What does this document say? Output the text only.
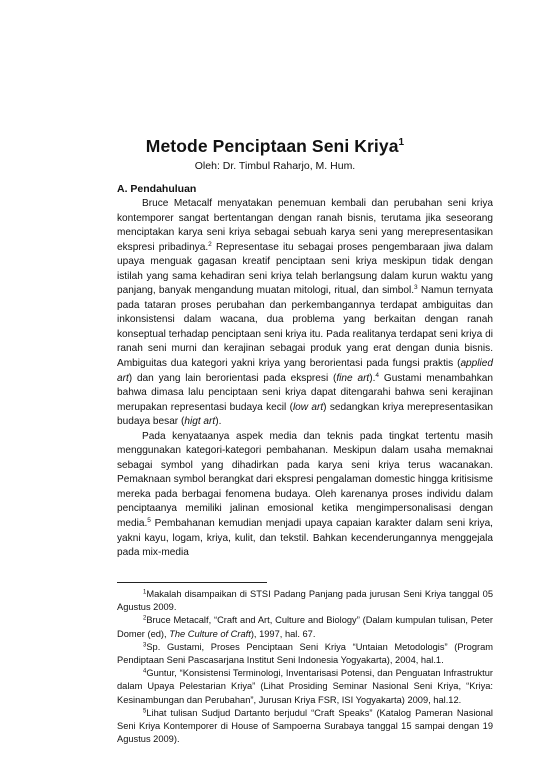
Metode Penciptaan Seni Kriya$^1$
Oleh: Dr. Timbul Raharjo, M. Hum.
A. Pendahuluan

Bruce Metacalf menyatakan penemuan kembali dan perubahan seni kriya kontemporer sangat bertentangan dengan ranah bisnis, terutama jika seseorang menciptakan karya seni kriya sebagai sebuah karya seni yang merepresentasikan ekspresi pribadinya.$^2$ Representase itu sebagai proses pengembaraan jiwa dalam upaya menguak gagasan kreatif penciptaan seni kriya meskipun tidak dengan istilah yang sama kehadiran seni kriya telah berlangsung dalam kurun waktu yang panjang, banyak mengandung muatan mitologi, ritual, dan simbol.$^3$ Namun ternyata pada tataran proses perubahan dan perkembangannya terdapat ambiguitas dan inkonsistensi dalam wacana, dua problema yang berkaitan dengan ranah konseptual terhadap penciptaan seni kriya itu. Pada realitanya terdapat seni kriya di ranah seni murni dan kerajinan sebagai produk yang erat dengan dunia bisnis. Ambiguitas dua kategori yakni kriya yang berorientasi pada fungsi praktis (applied art) dan yang lain berorientasi pada ekspresi (fine art).$^4$ Gustami menambahkan bahwa dimasa lalu penciptaan seni kriya dapat ditengarahi bahwa seni kerajinan merupakan representasi budaya kecil (low art) sedangkan kriya merepresentasikan budaya besar (higt art).

Pada kenyataanya aspek media dan teknis pada tingkat tertentu masih menggunakan kategori-kategori pembahanan. Meskipun dalam usaha memaknai sebagai symbol yang dihadirkan pada karya seni kriya terus wacanakan. Pemaknaan symbol berangkat dari ekspresi pengalaman domestic hingga kritisisme mereka pada berbagai fenomena budaya. Oleh karenanya proses individu dalam penciptaanya memiliki jalinan emosional ketika mengimpersonalisasi dengan media.$^5$ Pembahanan kemudian menjadi upaya capaian karakter dalam seni kriya, yakni kayu, logam, kriya, kulit, dan tekstil. Bahkan kecenderungannya menggejala pada mix-media

$^1$Makalah disampaikan di STSI Padang Panjang pada jurusan Seni Kriya tanggal 05 Agustus 2009.

$^2$Bruce Metacalf, “Craft and Art, Culture and Biology” (Dalam kumpulan tulisan, Peter Domer (ed), The Culture of Craft), 1997, hal. 67.

$^3$Sp. Gustami, Proses Penciptaan Seni Kriya “Untaian Metodologis” (Program Pendiptaan Seni Pascasarjana Institut Seni Indonesia Yogyakarta), 2004, hal.1.

$^4$Guntur, “Konsistensi Terminologi, Inventarisasi Potensi, dan Penguatan Infrastruktur dalam Upaya Pelestarian Kriya” (Lihat Prosiding Seminar Nasional Seni Kriya, “Kriya: Kesinambungan dan Perubahan”, Jurusan Kriya FSR, ISI Yogyakarta) 2009, hal.12.

$^5$Lihat tulisan Sudjud Dartanto berjudul “Craft Speaks” (Katalog Pameran Nasional Seni Kriya Kontemporer di House of Sampoerna Surabaya tanggal 15 sampai dengan 19 Agustus 2009).
